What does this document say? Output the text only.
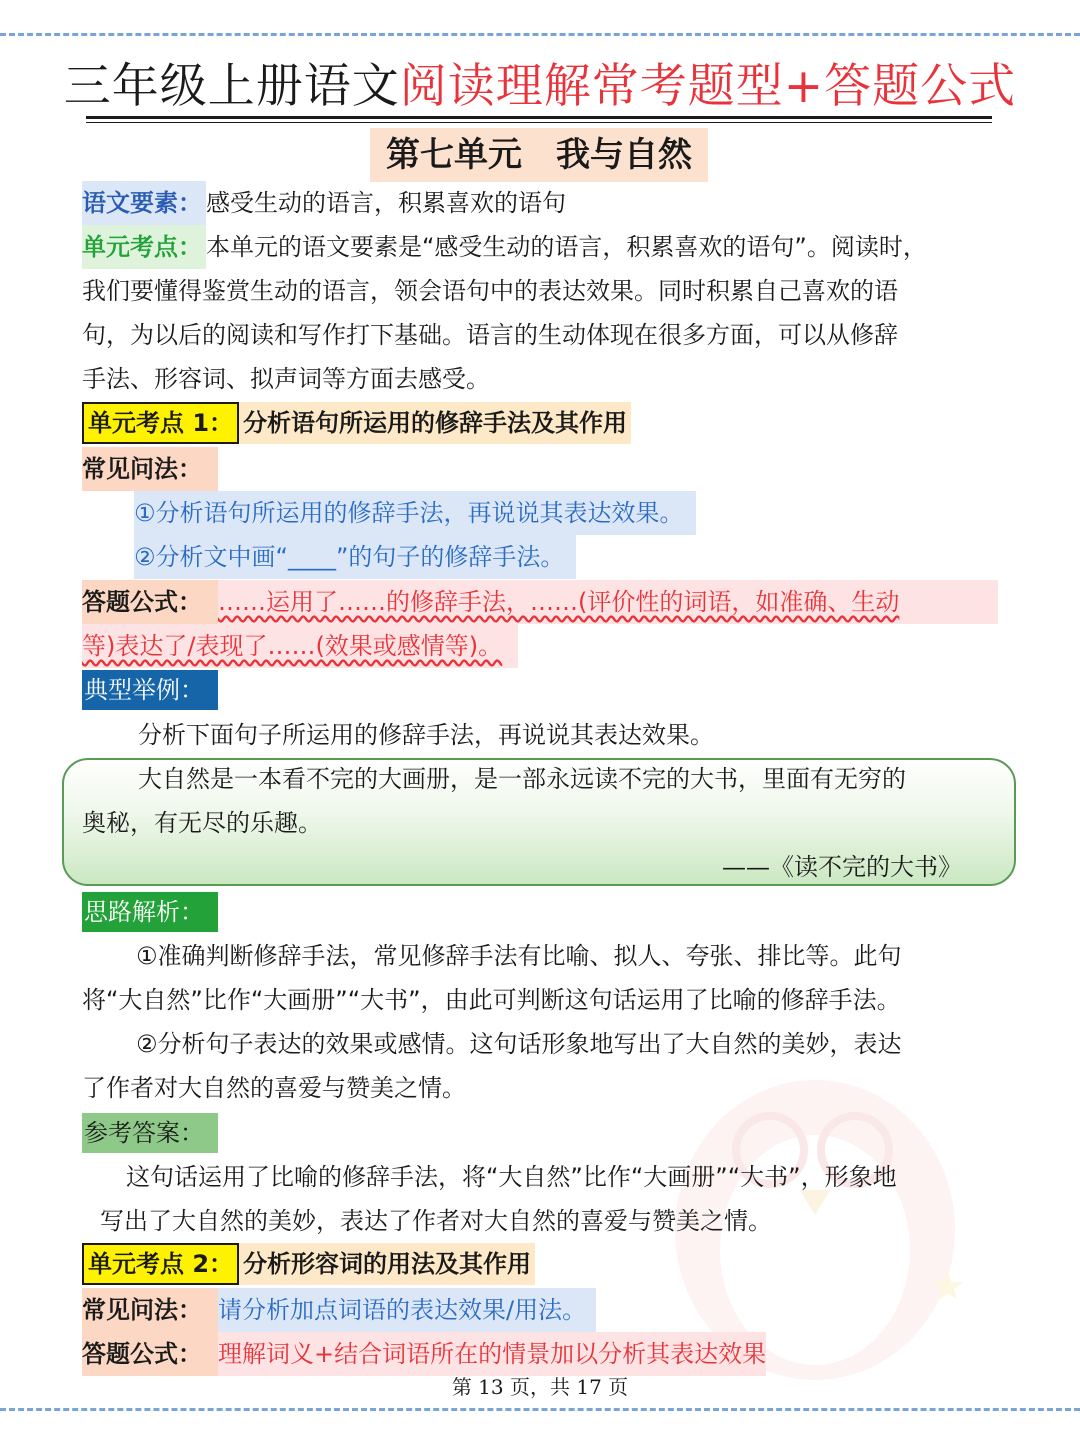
三年级上册语文阅读理解常考题型+答题公式
第七单元　我与自然
语文要素： 感受生动的语言，积累喜欢的语句
单元考点： 本单元的语文要素是“感受生动的语言，积累喜欢的语句”。阅读时，
我们要懂得鉴赏生动的语言，领会语句中的表达效果。同时积累自己喜欢的语
句，为以后的阅读和写作打下基础。语言的生动体现在很多方面，可以从修辞
手法、形容词、拟声词等方面去感受。
单元考点 1： 分析语句所运用的修辞手法及其作用
常见问法：
①分析语句所运用的修辞手法，再说说其表达效果。
②分析文中画“____”的句子的修辞手法。
答题公式： ……运用了……的修辞手法，……(评价性的词语，如准确、生动
等)表达了/表现了……(效果或感情等)。
典型举例：
分析下面句子所运用的修辞手法，再说说其表达效果。
大自然是一本看不完的大画册，是一部永远读不完的大书，里面有无穷的
奥秘，有无尽的乐趣。
——《读不完的大书》
★
思路解析：
①准确判断修辞手法，常见修辞手法有比喻、拟人、夸张、排比等。此句
将“大自然”比作“大画册”“大书”，由此可判断这句话运用了比喻的修辞手法。
②分析句子表达的效果或感情。这句话形象地写出了大自然的美妙，表达
了作者对大自然的喜爱与赞美之情。
参考答案：
这句话运用了比喻的修辞手法，将“大自然”比作“大画册”“大书”，形象地
写出了大自然的美妙，表达了作者对大自然的喜爱与赞美之情。
单元考点 2： 分析形容词的用法及其作用
常见问法： 请分析加点词语的表达效果/用法。
答题公式： 理解词义+结合词语所在的情景加以分析其表达效果
第 13 页，共 17 页
